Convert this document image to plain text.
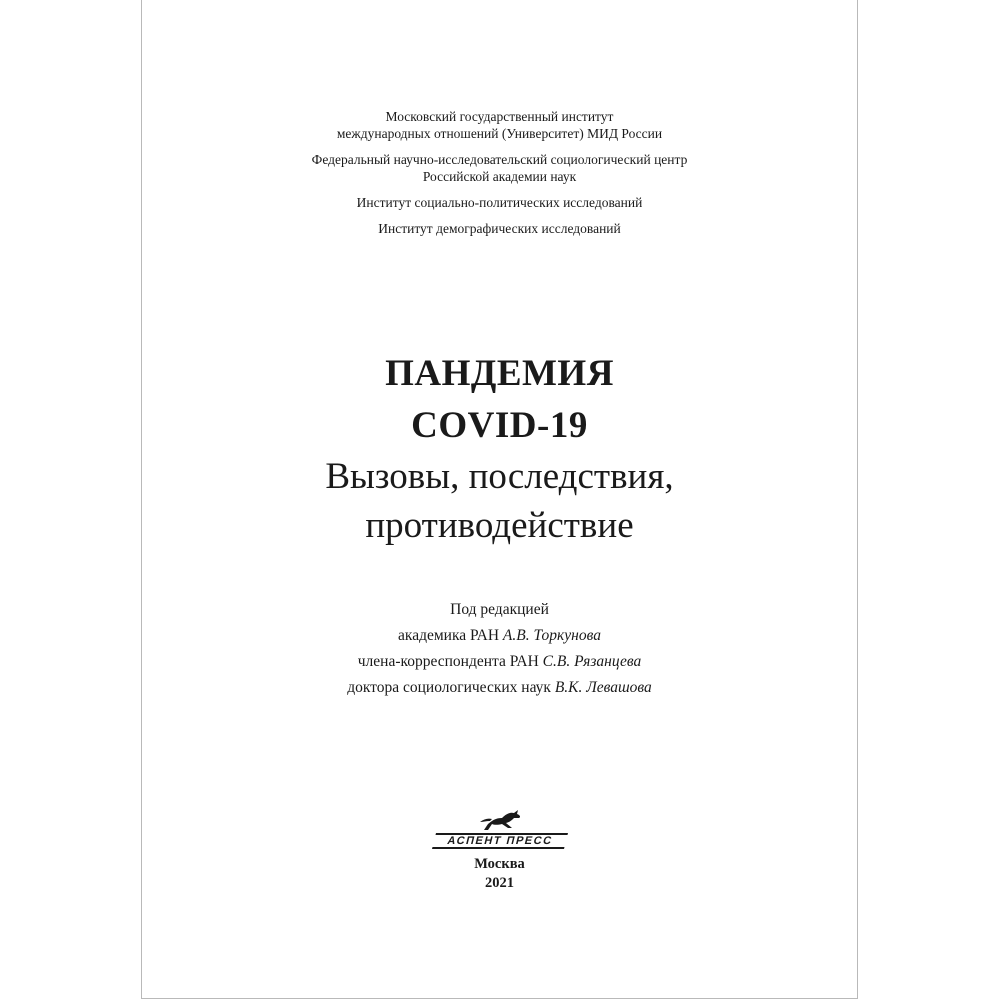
Московский государственный институт
международных отношений (Университет) МИД России
Федеральный научно-исследовательский социологический центр
Российской академии наук
Институт социально-политических исследований
Институт демографических исследований
ПАНДЕМИЯ
COVID-19
Вызовы, последствия,
противодействие
Под редакцией
академика РАН А.В. Торкунова
члена-корреспондента РАН С.В. Рязанцева
доктора социологических наук В.К. Левашова
АСПЕНТ ПРЕСС
Москва
2021
